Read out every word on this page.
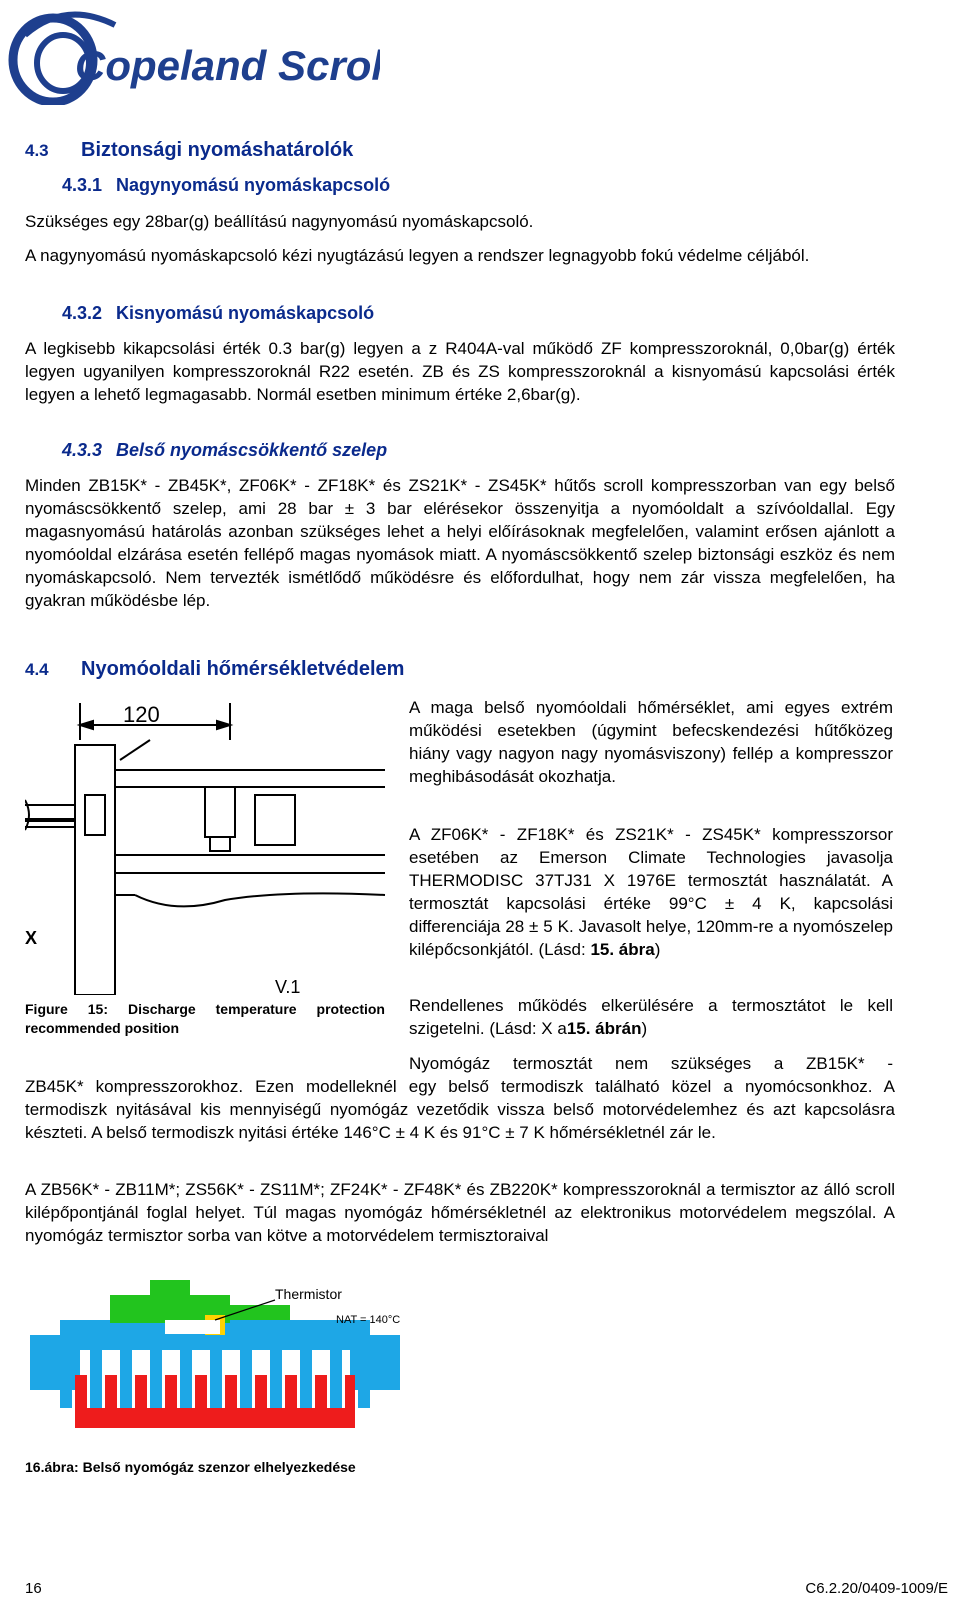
Copeland Scroll
™
4.3 Biztonsági nyomáshatárolók
4.3.1 Nagynyomású nyomáskapcsoló

Szükséges egy 28bar(g) beállítású nagynyomású nyomáskapcsoló.

A nagynyomású nyomáskapcsoló kézi nyugtázású legyen a rendszer legnagyobb fokú védelme céljából.

4.3.2 Kisnyomású nyomáskapcsoló

A legkisebb kikapcsolási érték 0.3 bar(g) legyen a z R404A-val működő ZF kompresszoroknál, 0,0bar(g) érték legyen ugyanilyen kompresszoroknál R22 esetén. ZB és ZS kompresszoroknál a kisnyomású kapcsolási érték legyen a lehető legmagasabb. Normál esetben minimum értéke 2,6bar(g).

4.3.3 Belső nyomáscsökkentő szelep

Minden ZB15K* - ZB45K*, ZF06K* - ZF18K* és ZS21K* - ZS45K* hűtős scroll kompresszorban van egy belső nyomáscsökkentő szelep, ami 28 bar ± 3 bar elérésekor összenyitja a nyomóoldalt a szívóoldallal. Egy magasnyomású határolás azonban szükséges lehet a helyi előírásoknak megfelelően, valamint erősen ajánlott a nyomóoldal elzárása esetén fellépő magas nyomások miatt. A nyomáscsökkentő szelep biztonsági eszköz és nem nyomáskapcsoló. Nem tervezték ismétlődő működésre és előfordulhat, hogy nem zár vissza megfelelően, ha gyakran működésbe lép.

4.4 Nyomóoldali hőmérsékletvédelem
120
V.1
X

Figure 15: Discharge temperature protection recommended position

A maga belső nyomóoldali hőmérséklet, ami egyes extrém működési esetekben (úgymint befecskendezési hűtőközeg hiány vagy nagyon nagy nyomásviszony) fellép a kompresszor meghibásodását okozhatja.

A ZF06K* - ZF18K* és ZS21K* - ZS45K* kompresszorsor esetében az Emerson Climate Technologies javasolja THERMODISC 37TJ31 X 1976E termosztát használatát. A termosztát kapcsolási értéke 99°C ± 4 K, kapcsolási differenciája 28 ± 5 K. Javasolt helye, 120mm-re a nyomószelep kilépőcsonkjától. (Lásd: 15. ábra)

Rendellenes működés elkerülésére a termosztátot le kell szigetelni. (Lásd: X a15. ábrán)

Nyomógáz termosztát nem szükséges a ZB15K* -

ZB45K* kompresszorokhoz. Ezen modelleknél egy belső termodiszk található közel a nyomócsonkhoz. A termodiszk nyitásával kis mennyiségű nyomógáz vezetődik vissza belső motorvédelemhez és azt kapcsolásra készteti. A belső termodiszk nyitási értéke 146°C ± 4 K és 91°C ± 7 K hőmérsékletnél zár le.

A ZB56K* - ZB11M*; ZS56K* - ZS11M*; ZF24K* - ZF48K* és ZB220K* kompresszoroknál a termisztor az álló scroll kilépőpontjánál foglal helyet. Túl magas nyomógáz hőmérsékletnél az elektronikus motorvédelem megszólal. A nyomógáz termisztor sorba van kötve a motorvédelem termisztoraival

Thermistor
NAT = 140°C

16.ábra: Belső nyomógáz szenzor elhelyezkedése

16	C6.2.20/0409-1009/E
